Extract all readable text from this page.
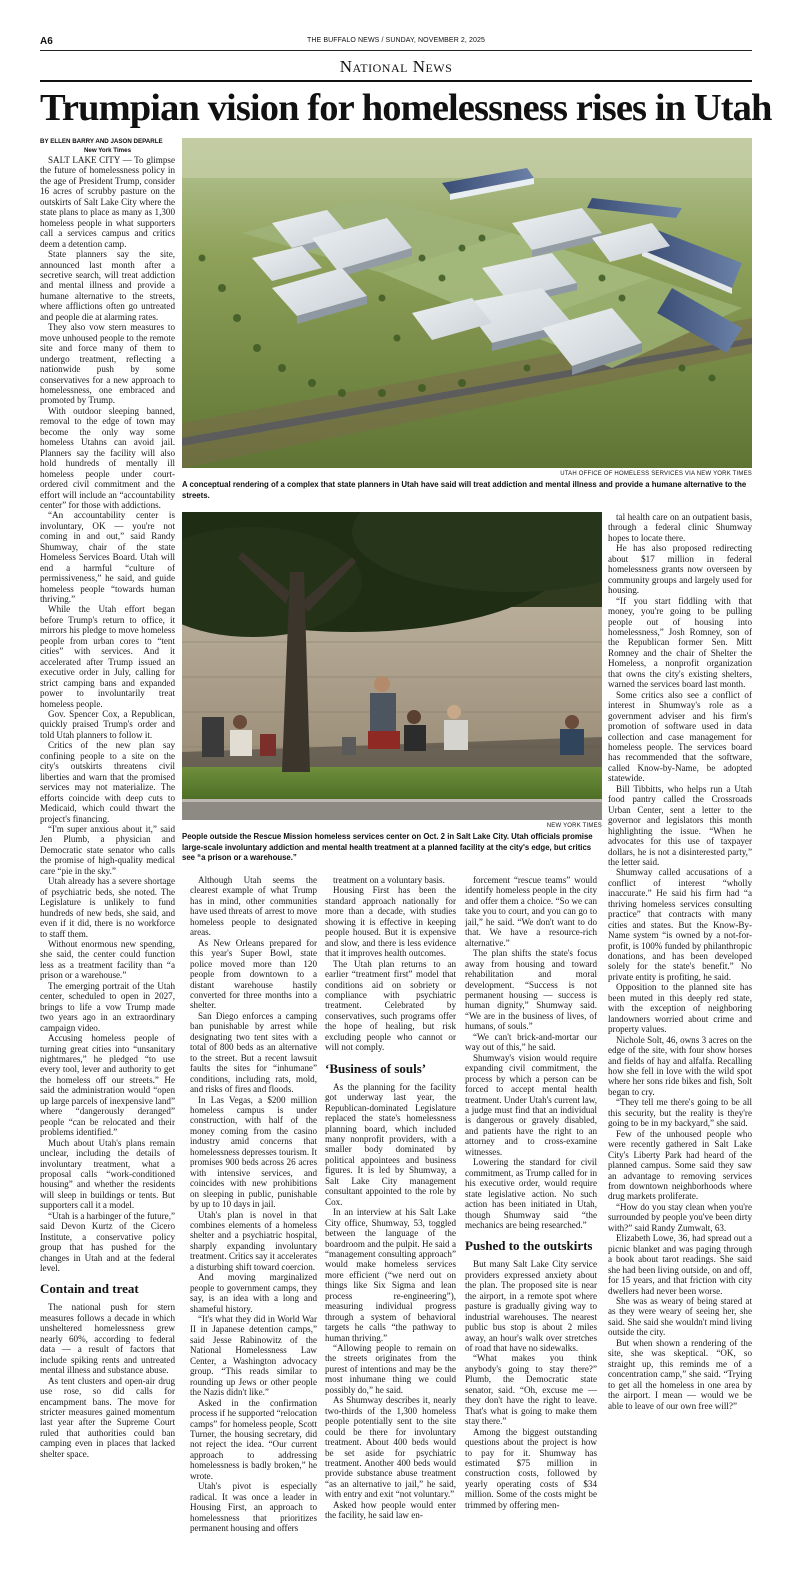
A6	THE BUFFALO NEWS / SUNDAY, NOVEMBER 2, 2025
National News
Trumpian vision for homelessness rises in Utah
BY ELLEN BARRY AND JASON DEPARLE
New York Times
UTAH OFFICE OF HOMELESS SERVICES VIA NEW YORK TIMES
A conceptual rendering of a complex that state planners in Utah have said will treat addiction and mental illness and provide a humane alternative to the streets.
NEW YORK TIMES
People outside the Rescue Mission homeless services center on Oct. 2 in Salt Lake City. Utah officials promise large-scale involuntary addiction and mental health treatment at a planned facility at the city's edge, but critics see “a prison or a warehouse.”

SALT LAKE CITY — To glimpse the future of homelessness policy in the age of President Trump, consider 16 acres of scrubby pasture on the outskirts of Salt Lake City where the state plans to place as many as 1,300 homeless people in what supporters call a services campus and critics deem a detention camp.

State planners say the site, announced last month after a secretive search, will treat addiction and mental illness and provide a humane alternative to the streets, where afflictions often go untreated and people die at alarming rates.

They also vow stern measures to move unhoused people to the remote site and force many of them to undergo treatment, reflecting a nationwide push by some conservatives for a new approach to homelessness, one embraced and promoted by Trump.

With outdoor sleeping banned, removal to the edge of town may become the only way some homeless Utahns can avoid jail. Planners say the facility will also hold hundreds of mentally ill homeless people under court-ordered civil commitment and the effort will include an “accountability center” for those with addictions.

“An accountability center is involuntary, OK — you're not coming in and out,” said Randy Shumway, chair of the state Homeless Services Board. Utah will end a harmful “culture of permissiveness,” he said, and guide homeless people “towards human thriving.”

While the Utah effort began before Trump's return to office, it mirrors his pledge to move homeless people from urban cores to “tent cities” with services. And it accelerated after Trump issued an executive order in July, calling for strict camping bans and expanded power to involuntarily treat homeless people.

Gov. Spencer Cox, a Republican, quickly praised Trump's order and told Utah planners to follow it.

Critics of the new plan say confining people to a site on the city's outskirts threatens civil liberties and warn that the promised services may not materialize. The efforts coincide with deep cuts to Medicaid, which could thwart the project's financing.

“I'm super anxious about it,” said Jen Plumb, a physician and Democratic state senator who calls the promise of high-quality medical care “pie in the sky.”

Utah already has a severe shortage of psychiatric beds, she noted. The Legislature is unlikely to fund hundreds of new beds, she said, and even if it did, there is no workforce to staff them.

Without enormous new spending, she said, the center could function less as a treatment facility than “a prison or a warehouse.”

The emerging portrait of the Utah center, scheduled to open in 2027, brings to life a vow Trump made two years ago in an extraordinary campaign video.

Accusing homeless people of turning great cities into “unsanitary nightmares,” he pledged “to use every tool, lever and authority to get the homeless off our streets.” He said the administration would “open up large parcels of inexpensive land” where “dangerously deranged” people “can be relocated and their problems identified.”

Much about Utah's plans remain unclear, including the details of involuntary treatment, what a proposal calls “work-conditioned housing” and whether the residents will sleep in buildings or tents. But supporters call it a model.

“Utah is a harbinger of the future,” said Devon Kurtz of the Cicero Institute, a conservative policy group that has pushed for the changes in Utah and at the federal level.

Contain and treat

The national push for stern measures follows a decade in which unsheltered homelessness grew nearly 60%, according to federal data — a result of factors that include spiking rents and untreated mental illness and substance abuse.

As tent clusters and open-air drug use rose, so did calls for encampment bans. The move for stricter measures gained momentum last year after the Supreme Court ruled that authorities could ban camping even in places that lacked shelter space.

Although Utah seems the clearest example of what Trump has in mind, other communities have used threats of arrest to move homeless people to designated areas.

As New Orleans prepared for this year's Super Bowl, state police moved more than 120 people from downtown to a distant warehouse hastily converted for three months into a shelter.

San Diego enforces a camping ban punishable by arrest while designating two tent sites with a total of 800 beds as an alternative to the street. But a recent lawsuit faults the sites for “inhumane” conditions, including rats, mold, and risks of fires and floods.

In Las Vegas, a $200 million homeless campus is under construction, with half of the money coming from the casino industry amid concerns that homelessness depresses tourism. It promises 900 beds across 26 acres with intensive services, and coincides with new prohibitions on sleeping in public, punishable by up to 10 days in jail.

Utah's plan is novel in that combines elements of a homeless shelter and a psychiatric hospital, sharply expanding involuntary treatment. Critics say it accelerates a disturbing shift toward coercion.

And moving marginalized people to government camps, they say, is an idea with a long and shameful history.

“It's what they did in World War II in Japanese detention camps,” said Jesse Rabinowitz of the National Homelessness Law Center, a Washington advocacy group. “This reads similar to rounding up Jews or other people the Nazis didn't like.”

Asked in the confirmation process if he supported “relocation camps” for homeless people, Scott Turner, the housing secretary, did not reject the idea. “Our current approach to addressing homelessness is badly broken,” he wrote.

Utah's pivot is especially radical. It was once a leader in Housing First, an approach to homelessness that prioritizes permanent housing and offers

treatment on a voluntary basis.

Housing First has been the standard approach nationally for more than a decade, with studies showing it is effective in keeping people housed. But it is expensive and slow, and there is less evidence that it improves health outcomes.

The Utah plan returns to an earlier “treatment first” model that conditions aid on sobriety or compliance with psychiatric treatment. Celebrated by conservatives, such programs offer the hope of healing, but risk excluding people who cannot or will not comply.

‘Business of souls’

As the planning for the facility got underway last year, the Republican-dominated Legislature replaced the state's homelessness planning board, which included many nonprofit providers, with a smaller body dominated by political appointees and business figures. It is led by Shumway, a Salt Lake City management consultant appointed to the role by Cox.

In an interview at his Salt Lake City office, Shumway, 53, toggled between the language of the boardroom and the pulpit. He said a “management consulting approach” would make homeless services more efficient (“we nerd out on things like Six Sigma and lean process re-engineering”), measuring individual progress through a system of behavioral targets he calls “the pathway to human thriving.”

“Allowing people to remain on the streets originates from the purest of intentions and may be the most inhumane thing we could possibly do,” he said.

As Shumway describes it, nearly two-thirds of the 1,300 homeless people potentially sent to the site could be there for involuntary treatment. About 400 beds would be set aside for psychiatric treatment. Another 400 beds would provide substance abuse treatment “as an alternative to jail,” he said, with entry and exit “not voluntary.”

Asked how people would enter the facility, he said law en-

forcement “rescue teams” would identify homeless people in the city and offer them a choice. “So we can take you to court, and you can go to jail,” he said. “We don't want to do that. We have a resource-rich alternative.”

The plan shifts the state's focus away from housing and toward rehabilitation and moral development. “Success is not permanent housing — success is human dignity,” Shumway said. “We are in the business of lives, of humans, of souls.”

“We can't brick-and-mortar our way out of this,” he said.

Shumway's vision would require expanding civil commitment, the process by which a person can be forced to accept mental health treatment. Under Utah's current law, a judge must find that an individual is dangerous or gravely disabled, and patients have the right to an attorney and to cross-examine witnesses.

Lowering the standard for civil commitment, as Trump called for in his executive order, would require state legislative action. No such action has been initiated in Utah, though Shumway said “the mechanics are being researched.”

Pushed to the outskirts

But many Salt Lake City service providers expressed anxiety about the plan. The proposed site is near the airport, in a remote spot where pasture is gradually giving way to industrial warehouses. The nearest public bus stop is about 2 miles away, an hour's walk over stretches of road that have no sidewalks.

“What makes you think anybody's going to stay there?” Plumb, the Democratic state senator, said. “Oh, excuse me — they don't have the right to leave. That's what is going to make them stay there.”

Among the biggest outstanding questions about the project is how to pay for it. Shumway has estimated $75 million in construction costs, followed by yearly operating costs of $34 million. Some of the costs might be trimmed by offering men-

tal health care on an outpatient basis, through a federal clinic Shumway hopes to locate there.

He has also proposed redirecting about $17 million in federal homelessness grants now overseen by community groups and largely used for housing.

“If you start fiddling with that money, you're going to be pulling people out of housing into homelessness,” Josh Romney, son of the Republican former Sen. Mitt Romney and the chair of Shelter the Homeless, a nonprofit organization that owns the city's existing shelters, warned the services board last month.

Some critics also see a conflict of interest in Shumway's role as a government adviser and his firm's promotion of software used in data collection and case management for homeless people. The services board has recommended that the software, called Know-by-Name, be adopted statewide.

Bill Tibbitts, who helps run a Utah food pantry called the Crossroads Urban Center, sent a letter to the governor and legislators this month highlighting the issue. “When he advocates for this use of taxpayer dollars, he is not a disinterested party,” the letter said.

Shumway called accusations of a conflict of interest “wholly inaccurate.” He said his firm had “a thriving homeless services consulting practice” that contracts with many cities and states. But the Know-By-Name system “is owned by a not-for-profit, is 100% funded by philanthropic donations, and has been developed solely for the state's benefit.” No private entity is profiting, he said.

Opposition to the planned site has been muted in this deeply red state, with the exception of neighboring landowners worried about crime and property values.

Nichole Solt, 46, owns 3 acres on the edge of the site, with four show horses and fields of hay and alfalfa. Recalling how she fell in love with the wild spot where her sons ride bikes and fish, Solt began to cry.

“They tell me there's going to be all this security, but the reality is they're going to be in my backyard,” she said.

Few of the unhoused people who were recently gathered in Salt Lake City's Liberty Park had heard of the planned campus. Some said they saw an advantage to removing services from downtown neighborhoods where drug markets proliferate.

“How do you stay clean when you're surrounded by people you've been dirty with?” said Randy Zumwalt, 63.

Elizabeth Lowe, 36, had spread out a picnic blanket and was paging through a book about tarot readings. She said she had been living outside, on and off, for 15 years, and that friction with city dwellers had never been worse.

She was as weary of being stared at as they were weary of seeing her, she said. She said she wouldn't mind living outside the city.

But when shown a rendering of the site, she was skeptical. “OK, so straight up, this reminds me of a concentration camp,” she said. “Trying to get all the homeless in one area by the airport. I mean — would we be able to leave of our own free will?”
